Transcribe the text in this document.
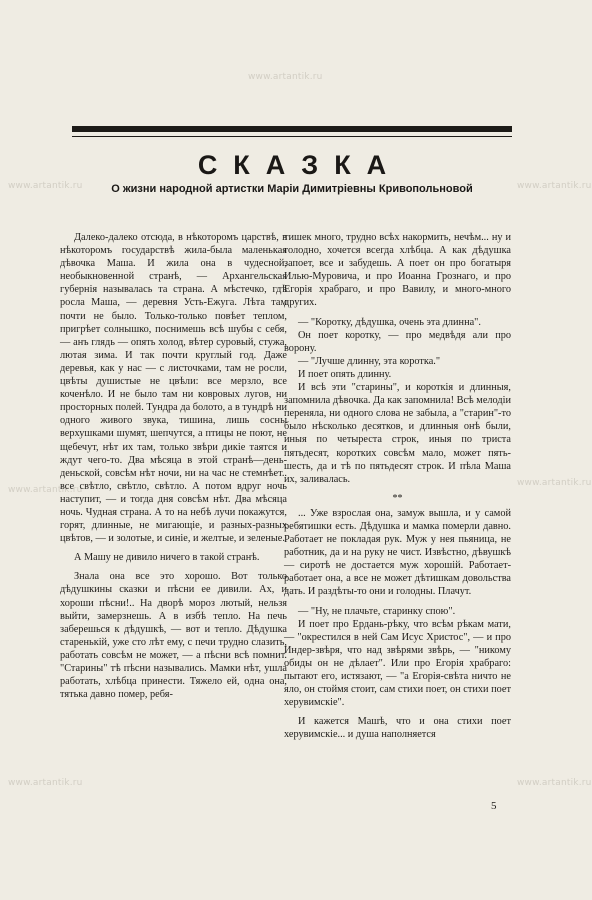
www.artantik.ru	www.artantik.ru
www.artantik.ru
www.artantik.ru
www.artantik.ru	www.artantik.ru
www.artantik.ru
СКАЗКА
О жизни народной артистки Марiи Димитрiевны Кривопольновой

Далеко-далеко отсюда, в нѣкоторомъ царствѣ, в нѣкоторомъ государствѣ жила-была маленькая дѣвочка Маша. И жила она в чудесной, необыкновенной странѣ, — Архангельская губернiя называлась та страна. А мѣстечко, гдѣ росла Маша, — деревня Усть-Ежуга. Лѣта там почти не было. Только-только повѣет теплом, пригрѣет солнышко, поснимешь всѣ шубы с себя, — анъ глядь — опять холод, вѣтер суровый, стужа, лютая зима. И так почти круглый год. Даже деревья, как у нас — с листочками, там не росли, цвѣты душистые не цвѣли: все мерзло, все коченѣло. И не было там ни ковровых лугов, ни просторных полей. Тундра да болото, а в тундрѣ ни одного живого звука, тишина, лишь сосны верхушками шумят, шепчутся, а птицы не поют, не щебечут, нѣт их там, только звѣри дикiе таятся и ждут чего-то. Два мѣсяца в этой странѣ—день-деньской, совсѣм нѣт ночи, ни на час не стемнѣет.. все свѣтло, свѣтло, свѣтло. А потом вдруг ночь наступит, — и тогда дня совсѣм нѣт. Два мѣсяца ночь. Чудная страна. А то на небѣ лучи покажутся, горят, длинные, не мигающiе, и разных-разных цвѣтов, — и золотые, и синiе, и желтые, и зеленые.

А Машу не дивило ничего в такой странѣ.

Знала она все это хорошо. Вот только дѣдушкины сказки и пѣсни ее дивили. Ах, и хороши пѣсни!.. На дворѣ мороз лютый, нельзя выйти, замерзнешь. А в избѣ тепло. На печь заберешься к дѣдушкѣ, — вот и тепло. Дѣдушка старенькiй, уже сто лѣт ему, с печи трудно слазить, работать совсѣм не может, — а пѣсни всѣ помнит. "Старины" тѣ пѣсни назывались. Мамки нѣт, ушла работать, хлѣбца принести. Тяжело ей, одна она, тятька давно помер, ребя-

тишек много, трудно всѣх накормить, нечѣм... ну и голодно, хочется всегда хлѣбца. А как дѣдушка запоет, все и забудешь. А поет он про богатыря Илью-Муровича, и про Иоанна Грознаго, и про Егорiя храбраго, и про Вавилу, и много-много других.

— "Коротку, дѣдушка, очень эта длинна".

Он поет коротку, — про медвѣдя али про ворону.

— "Лучше длинну, эта коротка."

И поет опять длинну.

И всѣ эти "старины", и короткiя и длинныя, запомнила дѣвочка. Да как запомнила! Всѣ мелодiи переняла, ни одного слова не забыла, а "старин"-то было нѣсколько десятков, и длинныя онѣ были, иныя по четыреста строк, иныя по триста пятьдесят, коротких совсѣм мало, может пять-шесть, да и тѣ по пятьдесят строк. И пѣла Маша их, заливалась.

**

... Уже взрослая она, замуж вышла, и у самой ребятишки есть. Дѣдушка и мамка померли давно. Работает не покладая рук. Муж у нея пьяница, не работник, да и на руку не чист. Извѣстно, дѣвушкѣ — сиротѣ не достается муж хорошiй. Работает-работает она, а все не может дѣтишкам довольства дать. И раздѣты-то они и голодны. Плачут.

— "Ну, не плачьте, старинку спою".

И поет про Ердань-рѣку, что всѣм рѣкам мати, — "окрестился в ней Сам Исус Христос", — и про Индер-звѣря, что над звѣрями звѣрь, — "никому обиды он не дѣлает". Или про Егорiя храбраго: пытают его, истязают, — "а Егорiя-свѣта ничто не яло, он стоймя стоит, сам стихи поет, он стихи поет херувимскiе".

И кажется Машѣ, что и она стихи поет херувимскiе... и душа наполняется

5
